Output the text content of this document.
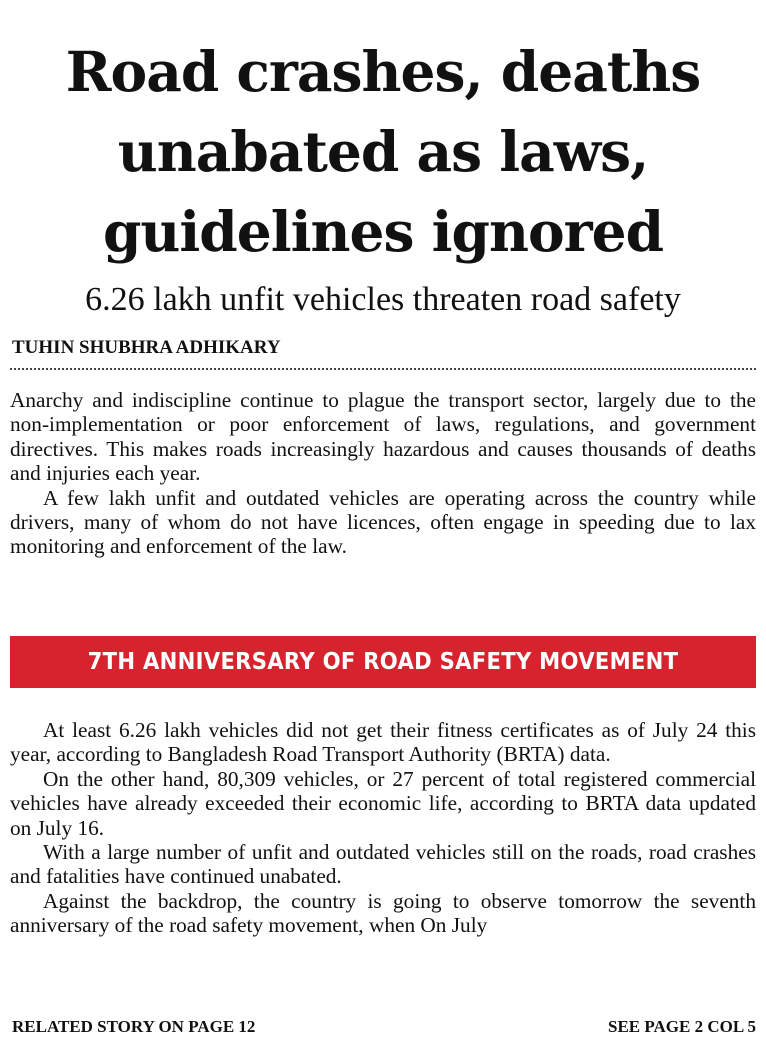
Road crashes, deaths
unabated as laws,
guidelines ignored
6.26 lakh unfit vehicles threaten road safety
TUHIN SHUBHRA ADHIKARY

Anarchy and indiscipline continue to plague the transport sector, largely due to the non-implementation or poor enforcement of laws, regulations, and government directives. This makes roads increasingly hazardous and causes thousands of deaths and injuries each year.

A few lakh unfit and outdated vehicles are operating across the country while drivers, many of whom do not have licences, often engage in speeding due to lax monitoring and enforcement of the law.

7TH ANNIVERSARY OF ROAD SAFETY MOVEMENT

At least 6.26 lakh vehicles did not get their fitness certificates as of July 24 this year, according to Bangladesh Road Transport Authority (BRTA) data.

On the other hand, 80,309 vehicles, or 27 percent of total registered commercial vehicles have already exceeded their economic life, according to BRTA data updated on July 16.

With a large number of unfit and outdated vehicles still on the roads, road crashes and fatalities have continued unabated.

Against the backdrop, the country is going to observe tomorrow the seventh anniversary of the road safety movement, when On July

RELATED STORY ON PAGE 12	SEE PAGE 2 COL 5
